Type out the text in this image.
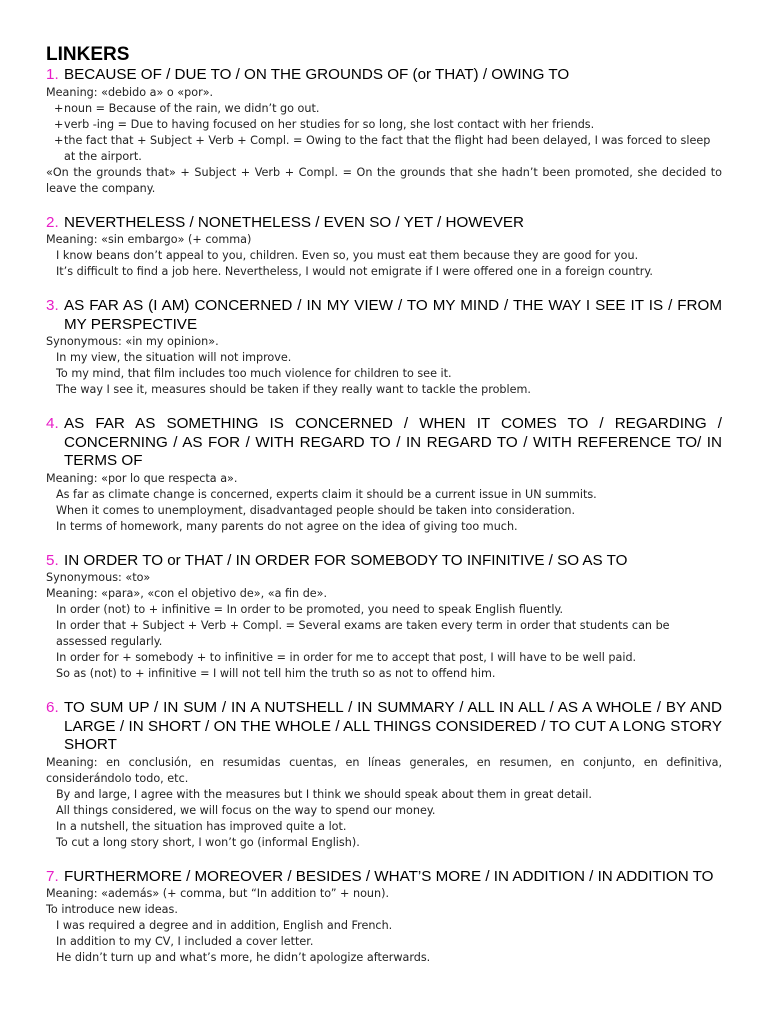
LINKERS
1. BECAUSE OF / DUE TO / ON THE GROUNDS OF (or THAT) / OWING TO

Meaning: «debido a» o «por».

+noun = Because of the rain, we didn’t go out.

+verb -ing = Due to having focused on her studies for so long, she lost contact with her friends.

+the fact that + Subject + Verb + Compl. = Owing to the fact that the flight had been delayed, I was forced to sleep at the airport.

«On the grounds that» + Subject + Verb + Compl. = On the grounds that she hadn’t been promoted, she decided to leave the company.

2. NEVERTHELESS / NONETHELESS / EVEN SO / YET / HOWEVER

Meaning: «sin embargo» (+ comma)

I know beans don’t appeal to you, children. Even so, you must eat them because they are good for you.

It’s difficult to find a job here. Nevertheless, I would not emigrate if I were offered one in a foreign country.

3. AS FAR AS (I AM) CONCERNED / IN MY VIEW / TO MY MIND / THE WAY I SEE IT IS / FROM MY PERSPECTIVE

Synonymous: «in my opinion».

In my view, the situation will not improve.

To my mind, that film includes too much violence for children to see it.

The way I see it, measures should be taken if they really want to tackle the problem.

4. AS FAR AS SOMETHING IS CONCERNED / WHEN IT COMES TO / REGARDING / CONCERNING / AS FOR / WITH REGARD TO / IN REGARD TO / WITH REFERENCE TO/ IN TERMS OF

Meaning: «por lo que respecta a».

As far as climate change is concerned, experts claim it should be a current issue in UN summits.

When it comes to unemployment, disadvantaged people should be taken into consideration.

In terms of homework, many parents do not agree on the idea of giving too much.

5. IN ORDER TO or THAT / IN ORDER FOR SOMEBODY TO INFINITIVE / SO AS TO

Synonymous: «to»

Meaning: «para», «con el objetivo de», «a fin de».

In order (not) to + infinitive = In order to be promoted, you need to speak English fluently.

In order that + Subject + Verb + Compl. = Several exams are taken every term in order that students can be assessed regularly.

In order for + somebody + to infinitive = in order for me to accept that post, I will have to be well paid.

So as (not) to + infinitive = I will not tell him the truth so as not to offend him.

6. TO SUM UP / IN SUM / IN A NUTSHELL / IN SUMMARY / ALL IN ALL / AS A WHOLE / BY AND LARGE / IN SHORT / ON THE WHOLE / ALL THINGS CONSIDERED / TO CUT A LONG STORY SHORT

Meaning: en conclusión, en resumidas cuentas, en líneas generales, en resumen, en conjunto, en definitiva, considerándolo todo, etc.

By and large, I agree with the measures but I think we should speak about them in great detail.

All things considered, we will focus on the way to spend our money.

In a nutshell, the situation has improved quite a lot.

To cut a long story short, I won’t go (informal English).

7. FURTHERMORE / MOREOVER / BESIDES / WHAT’S MORE / IN ADDITION / IN ADDITION TO

Meaning: «además» (+ comma, but “In addition to” + noun).

To introduce new ideas.

I was required a degree and in addition, English and French.

In addition to my CV, I included a cover letter.

He didn’t turn up and what’s more, he didn’t apologize afterwards.
